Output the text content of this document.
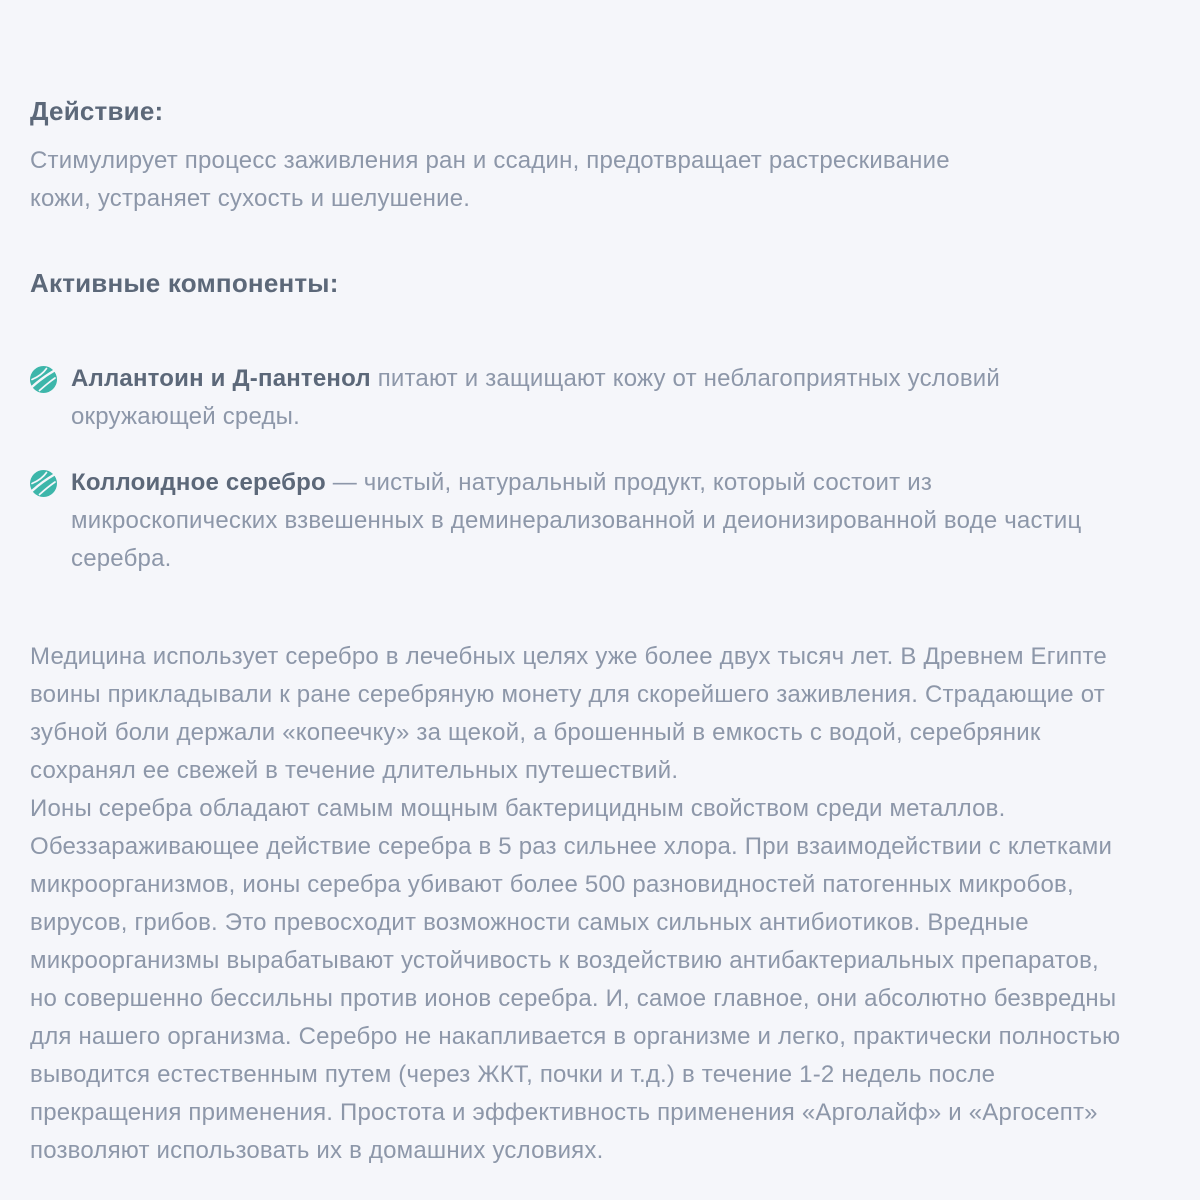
Действие:

Стимулирует процесс заживления ран и ссадин, предотвращает растрескивание кожи, устраняет сухость и шелушение.

Активные компоненты:
Аллантоин и Д-пантенол питают и защищают кожу от неблагоприятных условий окружающей среды.
Коллоидное серебро — чистый, натуральный продукт, который состоит из микроскопических взвешенных в деминерализованной и деионизированной воде частиц серебра.

Медицина использует серебро в лечебных целях уже более двух тысяч лет. В Древнем Египте воины прикладывали к ране серебряную монету для скорейшего заживления. Страдающие от зубной боли держали «копеечку» за щекой, а брошенный в емкость с водой, серебряник сохранял ее свежей в течение длительных путешествий.

Ионы серебра обладают самым мощным бактерицидным свойством среди металлов. Обеззараживающее действие серебра в 5 раз сильнее хлора. При взаимодействии с клетками микроорганизмов, ионы серебра убивают более 500 разновидностей патогенных микробов, вирусов, грибов. Это превосходит возможности самых сильных антибиотиков. Вредные микроорганизмы вырабатывают устойчивость к воздействию антибактериальных препаратов, но совершенно бессильны против ионов серебра. И, самое главное, они абсолютно безвредны для нашего организма. Серебро не накапливается в организме и легко, практически полностью выводится естественным путем (через ЖКТ, почки и т.д.) в течение 1-2 недель после прекращения применения. Простота и эффективность применения «Арголайф» и «Аргосепт» позволяют использовать их в домашних условиях.
